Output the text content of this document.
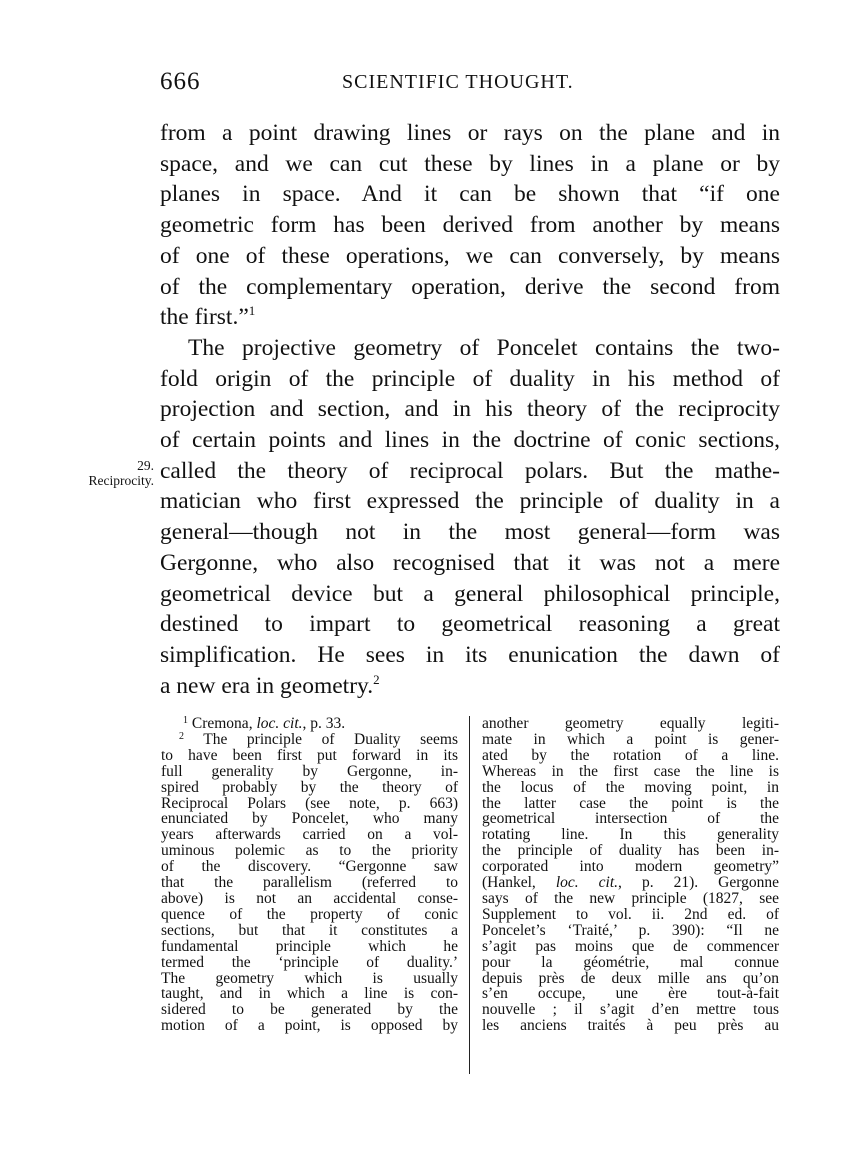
666	SCIENTIFIC THOUGHT.
29.
Reciprocity.
from a point drawing lines or rays on the plane and in
space, and we can cut these by lines in a plane or by
planes in space. And it can be shown that “if one
geometric form has been derived from another by means
of one of these operations, we can conversely, by means
of the complementary operation, derive the second from
the first.”$^1$
The projective geometry of Poncelet contains the two-
fold origin of the principle of duality in his method of
projection and section, and in his theory of the reciprocity
of certain points and lines in the doctrine of conic sections,
called the theory of reciprocal polars. But the mathe-
matician who first expressed the principle of duality in a
general—though not in the most general—form was
Gergonne, who also recognised that it was not a mere
geometrical device but a general philosophical principle,
destined to impart to geometrical reasoning a great
simplification. He sees in its enunication the dawn of
a new era in geometry.$^2$
$^1$ Cremona, loc. cit., p. 33.
$^2$ The principle of Duality seems
to have been first put forward in its
full generality by Gergonne, in-
spired probably by the theory of
Reciprocal Polars (see note, p. 663)
enunciated by Poncelet, who many
years afterwards carried on a vol-
uminous polemic as to the priority
of the discovery. “Gergonne saw
that the parallelism (referred to
above) is not an accidental conse-
quence of the property of conic
sections, but that it constitutes a
fundamental principle which he
termed the ‘principle of duality.’
The geometry which is usually
taught, and in which a line is con-
sidered to be generated by the
motion of a point, is opposed by
another geometry equally legiti-
mate in which a point is gener-
ated by the rotation of a line.
Whereas in the first case the line is
the locus of the moving point, in
the latter case the point is the
geometrical intersection of the
rotating line. In this generality
the principle of duality has been in-
corporated into modern geometry”
(Hankel, loc. cit., p. 21). Gergonne
says of the new principle (1827, see
Supplement to vol. ii. 2nd ed. of
Poncelet’s ‘Traité,’ p. 390): “Il ne
s’agit pas moins que de commencer
pour la géométrie, mal connue
depuis près de deux mille ans qu’on
s’en occupe, une ère tout-à-fait
nouvelle ; il s’agit d’en mettre tous
les anciens traités à peu près au
